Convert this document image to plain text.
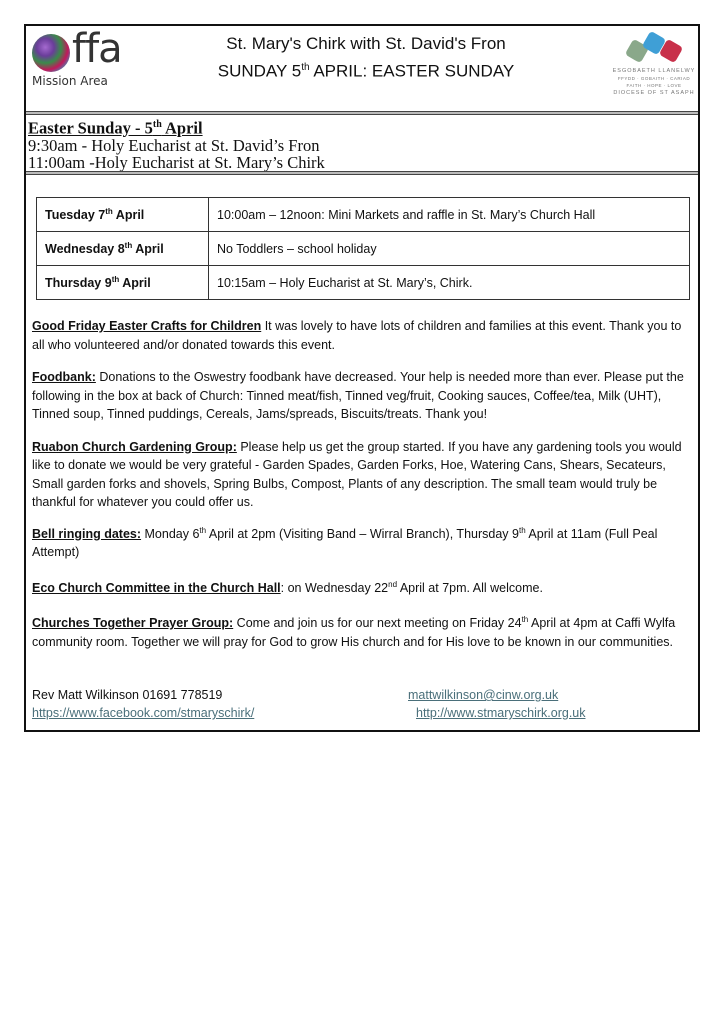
ffa
Mission Area
St. Mary's Chirk with St. David's Fron
SUNDAY 5th APRIL: EASTER SUNDAY	ESGOBAETH LLANELWY
FFYDD · GOBAITH · CARIAD
FAITH · HOPE · LOVE
DIOCESE OF ST ASAPH
Easter Sunday - 5th April
9:30am - Holy Eucharist at St. David’s Fron
11:00am -Holy Eucharist at St. Mary’s Chirk
Tuesday 7th April	10:00am – 12noon: Mini Markets and raffle in St. Mary’s Church Hall
Wednesday 8th April	No Toddlers – school holiday
Thursday 9th April	10:15am – Holy Eucharist at St. Mary’s, Chirk.

Good Friday Easter Crafts for Children It was lovely to have lots of children and families at this event. Thank you to all who volunteered and/or donated towards this event.

Foodbank: Donations to the Oswestry foodbank have decreased. Your help is needed more than ever. Please put the following in the box at back of Church: Tinned meat/fish, Tinned veg/fruit, Cooking sauces, Coffee/tea, Milk (UHT), Tinned soup, Tinned puddings, Cereals, Jams/spreads, Biscuits/treats. Thank you!

Ruabon Church Gardening Group: Please help us get the group started. If you have any gardening tools you would like to donate we would be very grateful - Garden Spades, Garden Forks, Hoe, Watering Cans, Shears, Secateurs, Small garden forks and shovels, Spring Bulbs, Compost, Plants of any description. The small team would truly be thankful for whatever you could offer us.

Bell ringing dates: Monday 6th April at 2pm (Visiting Band – Wirral Branch), Thursday 9th April at 11am (Full Peal Attempt)

Eco Church Committee in the Church Hall: on Wednesday 22nd April at 7pm. All welcome.

Churches Together Prayer Group: Come and join us for our next meeting on Friday 24th April at 4pm at Caffi Wylfa community room. Together we will pray for God to grow His church and for His love to be known in our communities.

Rev Matt Wilkinson 01691 778519	mattwilkinson@cinw.org.uk
https://www.facebook.com/stmaryschirk/	http://www.stmaryschirk.org.uk
